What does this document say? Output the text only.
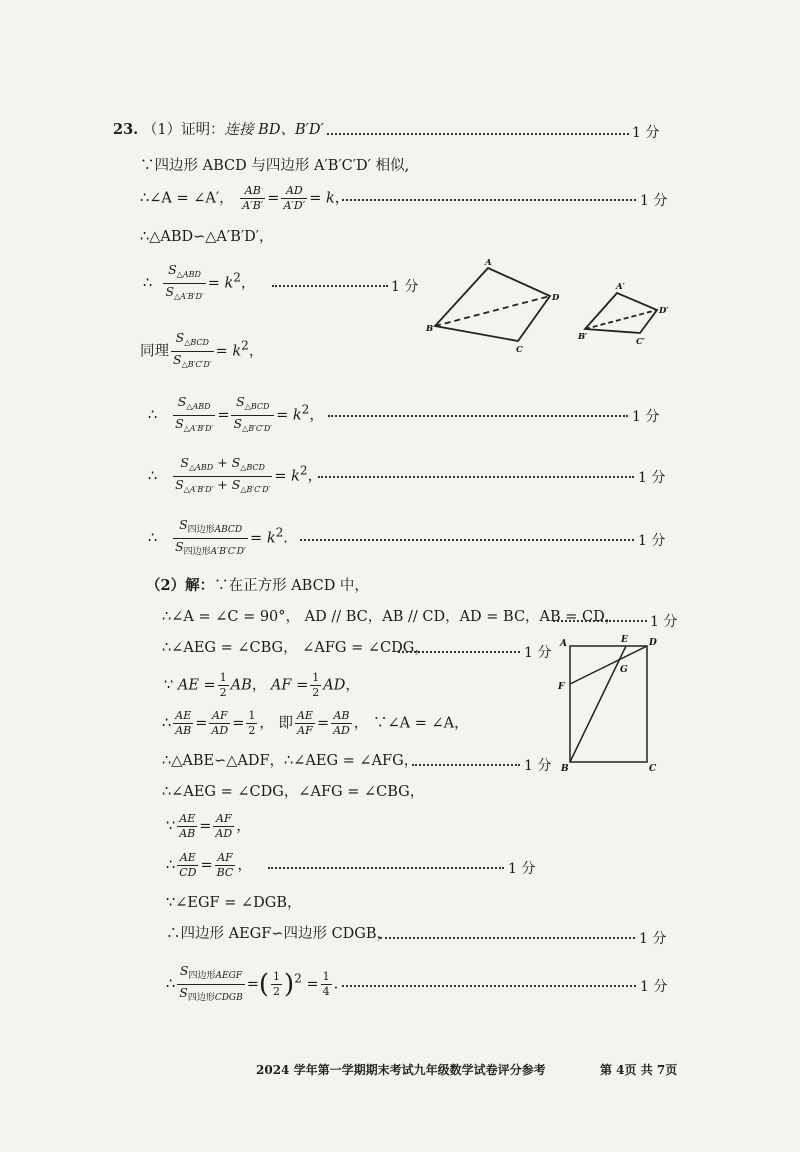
23. （1）证明：连接 BD、B′D′	1 分
∵四边形 ABCD 与四边形 A′B′C′D′ 相似,
∴∠A = ∠A′， $\frac{AB}{A'B'} = \frac{AD}{A'D'} = k$，	1 分
∴△ABD∽△A′B′D′，
∴ $\frac{S_{\triangle ABD}}{S_{\triangle A'B'D'}} = k^2$，	1 分
同理 $\frac{S_{\triangle BCD}}{S_{\triangle B'C'D'}} = k^2$，
∴ $\frac{S_{\triangle ABD}}{S_{\triangle A'B'D'}} = \frac{S_{\triangle BCD}}{S_{\triangle B'C'D'}} = k^2$，	1 分
∴ $\frac{S_{\triangle ABD} + S_{\triangle BCD}}{S_{\triangle A'B'D'} + S_{\triangle B'C'D'}} = k^2$，	1 分
∴ $\frac{S_{四边形ABCD}}{S_{四边形A'B'C'D'}} = k^2$.	1 分
A
B
C
D
A′
B′	C′
D′
（2）解：∵在正方形 ABCD 中，
∴∠A = ∠C = 90°， AD // BC，AB // CD，AD = BC，AB = CD， 1 分
∴∠AEG = ∠CBG， ∠AFG = ∠CDG，	1 分
∵ AE = $\frac{1}{2}$ AB， AF = $\frac{1}{2}$ AD，
∴ $\frac{AE}{AB} = \frac{AF}{AD} = \frac{1}{2}$ ， 即 $\frac{AE}{AF} = \frac{AB}{AD}$ ， ∵∠A = ∠A，
∴△ABE∽△ADF，∴∠AEG = ∠AFG，	1 分
∴∠AEG = ∠CDG，∠AFG = ∠CBG，
∵ $\frac{AE}{AB} = \frac{AF}{AD}$ ，
∴ $\frac{AE}{CD} = \frac{AF}{BC}$ ，	1 分
∵∠EGF = ∠DGB，
∴四边形 AEGF∽四边形 CDGB，	1 分
∴ $\frac{S_{四边形AEGF}}{S_{四边形CDGB}}$ =( $\frac{1}{2} )^2 = \frac{1}{4}$ .	1 分
A
B	C
D
E
F
G
2024 学年第一学期期末考试九年级数学试卷评分参考	第 4页 共 7页
